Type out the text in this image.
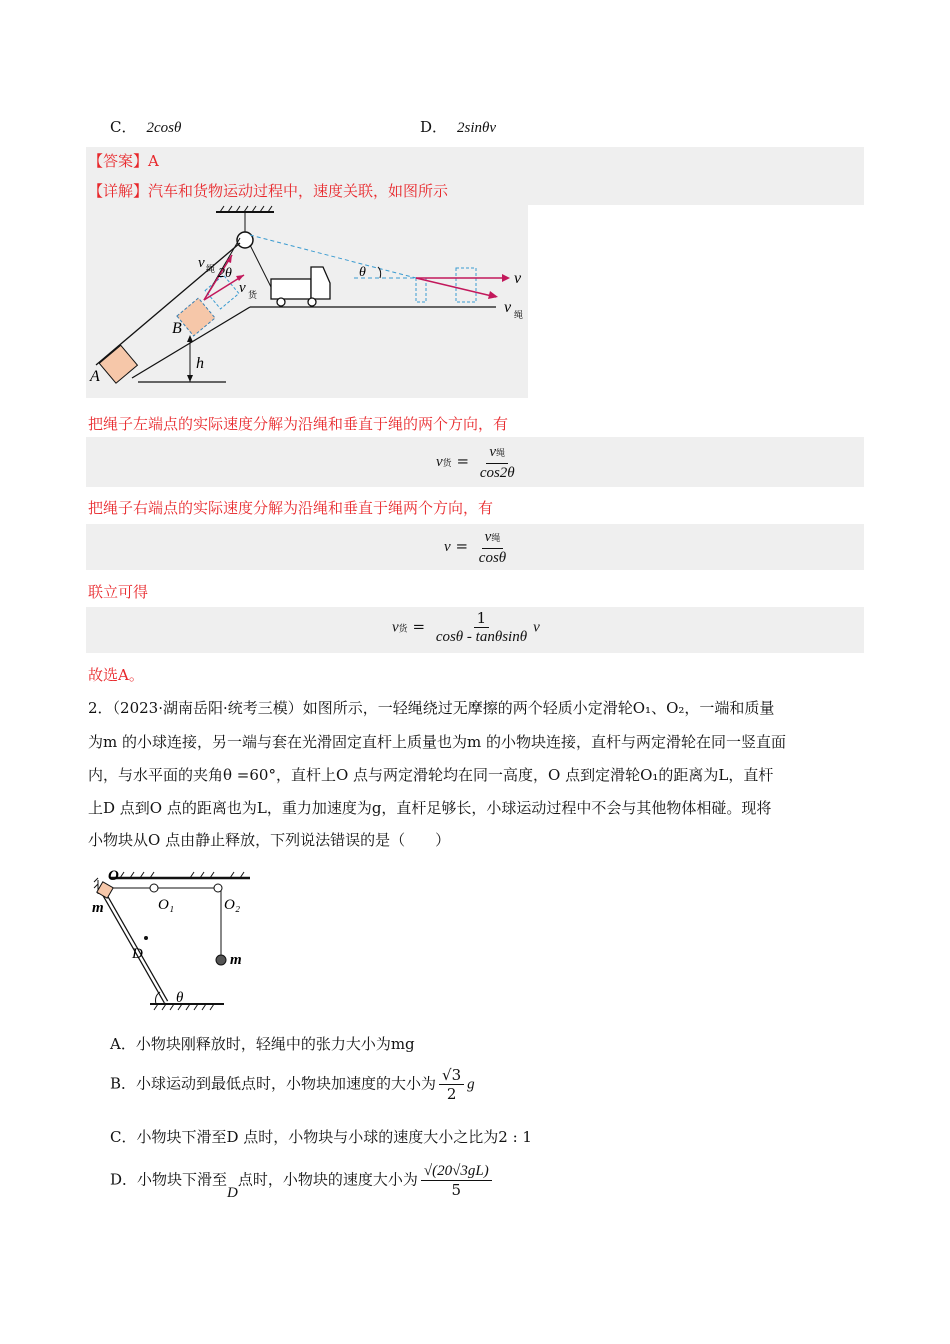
C． 2cosθ	D． 2sinθv
【答案】A
【详解】汽车和货物运动过程中，速度关联，如图所示
v 绳 2θ
v 货
B
A
h
θ	v
v 绳
把绳子左端点的实际速度分解为沿绳和垂直于绳的两个方向，有
v货 = $\frac{\text{v绳}}{\cos 2\theta}$
把绳子右端点的实际速度分解为沿绳和垂直于绳两个方向，有
$v = \frac{\text{v绳}}{\cos\theta}$
联立可得
v货 = $\frac{1}{\cos\theta - \tan\theta\sin\theta}$ v
故选A。
2．（2023·湖南岳阳·统考三模）如图所示，一轻绳绕过无摩擦的两个轻质小定滑轮O₁、O₂，一端和质量
为m 的小球连接，另一端与套在光滑固定直杆上质量也为m 的小物块连接，直杆与两定滑轮在同一竖直面
内，与水平面的夹角θ =60°，直杆上O 点与两定滑轮均在同一高度，O 点到定滑轮O₁的距离为L，直杆
上D 点到O 点的距离也为L，重力加速度为g，直杆足够长，小球运动过程中不会与其他物体相碰。现将
小物块从O 点由静止释放，下列说法错误的是（　　）
O
O₁	O₂
m
m
D
θ
A．小物块刚释放时，轻绳中的张力大小为mg
B．小球运动到最低点时，小物块加速度的大小为 $\frac{√3}{2}$ g
C．小物块下滑至D 点时，小物块与小球的速度大小之比为2 : 1
D．小物块下滑至D点时，小物块的速度大小为 $\frac{√(20√3gL)}{5}$
